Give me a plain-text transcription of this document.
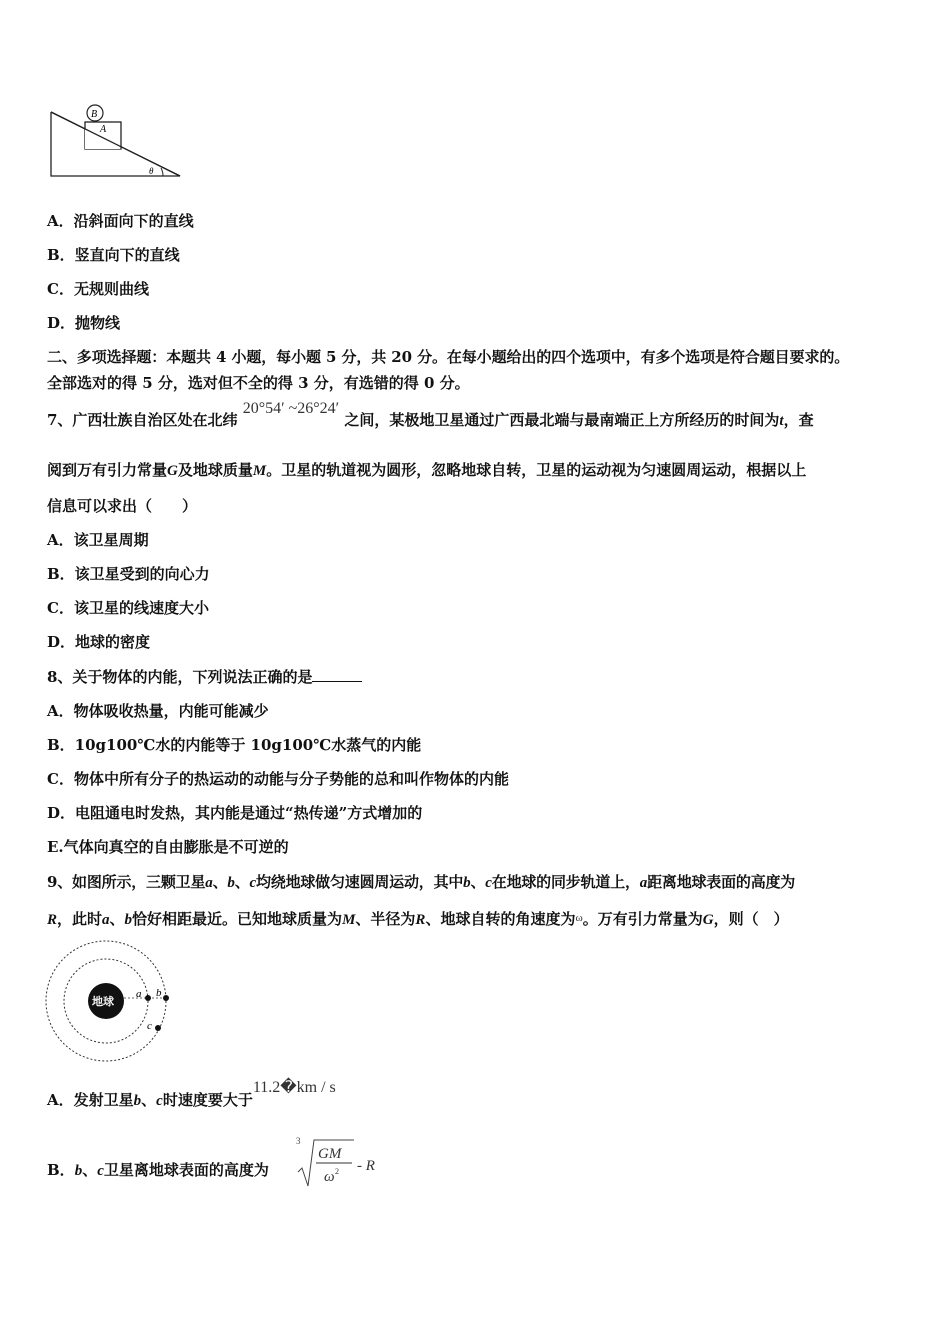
B
A
θ
A．沿斜面向下的直线
B．竖直向下的直线
C．无规则曲线
D．抛物线
二、多项选择题：本题共 4 小题，每小题 5 分，共 20 分。在每小题给出的四个选项中，有多个选项是符合题目要求的。
全部选对的得 5 分，选对但不全的得 3 分，有选错的得 0 分。
7、广西壮族自治区处在北纬 20°54′ ~26°24′ 之间，某极地卫星通过广西最北端与最南端正上方所经历的时间为t，查
阅到万有引力常量G及地球质量M。卫星的轨道视为圆形，忽略地球自转，卫星的运动视为匀速圆周运动，根据以上
信息可以求出（　　）
A．该卫星周期
B．该卫星受到的向心力
C．该卫星的线速度大小
D．地球的密度
8、关于物体的内能，下列说法正确的是
A．物体吸收热量，内能可能减少
B．10g100℃水的内能等于 10g100℃水蒸气的内能
C．物体中所有分子的热运动的动能与分子势能的总和叫作物体的内能
D．电阻通电时发热，其内能是通过“热传递”方式增加的
E.气体向真空的自由膨胀是不可逆的
9、如图所示，三颗卫星a、b、c均绕地球做匀速圆周运动，其中b、c在地球的同步轨道上，a距离地球表面的高度为
R，此时a、b恰好相距最近。已知地球质量为M、半径为R、地球自转的角速度为$^\omega$。万有引力常量为G，则（　）
地球
a b
c
A．发射卫星b、c时速度要大于11.2�km / s
B．b、c卫星离地球表面的高度为
3
GM
ω 2 - R
